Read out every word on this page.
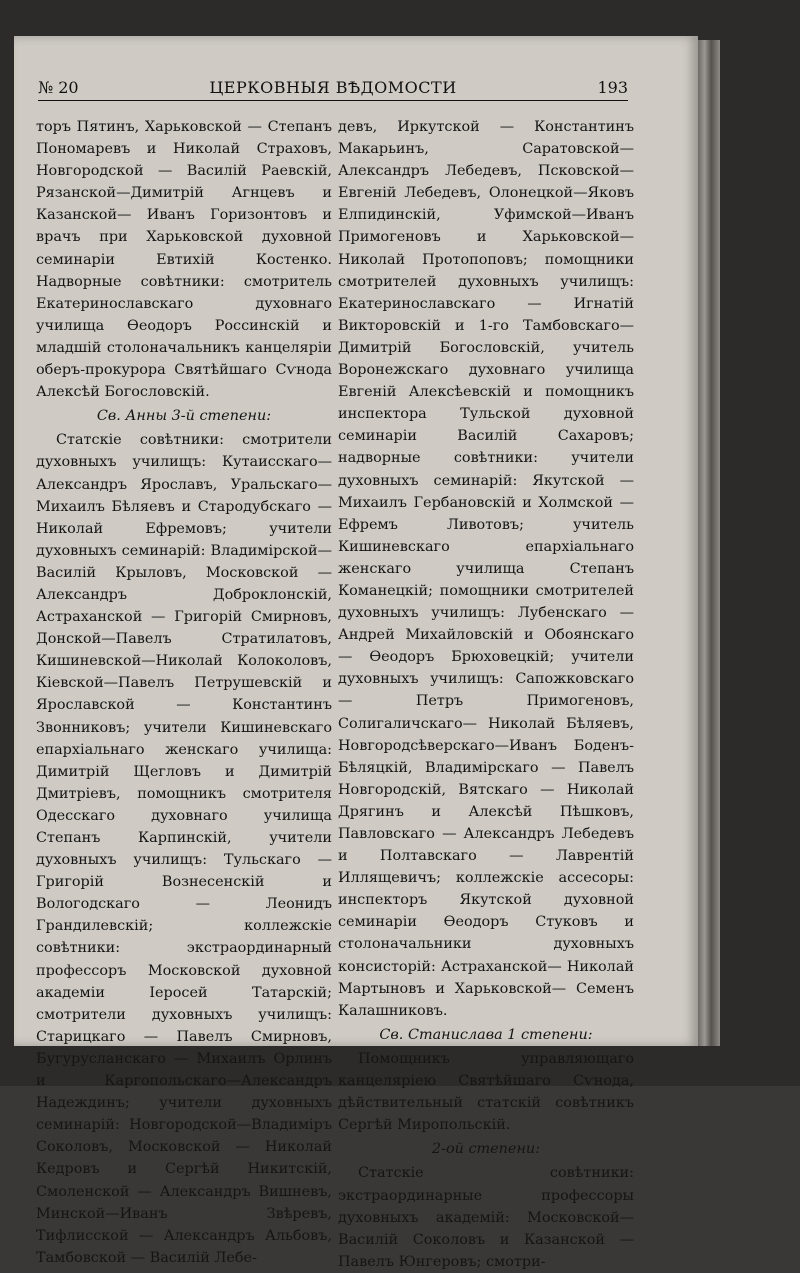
№ 20	ЦЕРКОВНЫЯ ВѢДОМОСТИ	193

торъ Пятинъ, Харьковской — Степанъ Пономаревъ и Николай Страховъ, Новгородской — Василій Раевскій, Рязанской—Димитрій Агнцевъ и Казанской— Иванъ Горизонтовъ и врачъ при Харьковской духовной семинаріи Евтихій Костенко. Надворные совѣтники: смотритель Екатеринославскаго духовнаго училища Ѳеодоръ Россинскій и младшій столоначальникъ канцеляріи оберъ-прокурора Святѣйшаго Сѵнода Алексѣй Богословскій.

Св. Анны 3-й степени:

Статскіе совѣтники: смотрители духовныхъ училищъ: Кутаисскаго—Александръ Ярославъ, Уральскаго—Михаилъ Бѣляевъ и Стародубскаго — Николай Ефремовъ; учители духовныхъ семинарій: Владимірской—Василій Крыловъ, Московской — Александръ Доброклонскій, Астраханской — Григорій Смирновъ, Донской—Павелъ Стратилатовъ, Кишиневской—Николай Колоколовъ, Кіевской—Павелъ Петрушевскій и Ярославской — Константинъ Звонниковъ; учители Кишиневскаго епархіальнаго женскаго училища: Димитрій Щегловъ и Димитрій Дмитріевъ, помощникъ смотрителя Одесскаго духовнаго училища Степанъ Карпинскій, учители духовныхъ училищъ: Тульскаго — Григорій Вознесенскій и Вологодскаго — Леонидъ Грандилевскій; коллежскіе совѣтники: экстраординарный профессоръ Московской духовной академіи Іеросей Татарскій; смотрители духовныхъ училищъ: Старицкаго — Павелъ Смирновъ, Бугурусланскаго — Михаилъ Орлинъ и Каргопольскаго—Александръ Надеждинъ; учители духовныхъ семинарій: Новгородской—Владиміръ Соколовъ, Московской — Николай Кедровъ и Сергѣй Никитскій, Смоленской — Александръ Вишневъ, Минской—Иванъ Звѣревъ, Тифлисской — Александръ Альбовъ, Тамбовской — Василій Лебе-

девъ, Иркутской — Константинъ Макарьинъ, Саратовской—Александръ Лебедевъ, Псковской—Евгеній Лебедевъ, Олонецкой—Яковъ Елпидинскій, Уфимской—Иванъ Примогеновъ и Харьковской—Николай Протопоповъ; помощники смотрителей духовныхъ училищъ: Екатеринославскаго — Игнатій Викторовскій и 1-го Тамбовскаго—Димитрій Богословскій, учитель Воронежскаго духовнаго училища Евгеній Алексѣевскій и помощникъ инспектора Тульской духовной семинаріи Василій Сахаровъ; надворные совѣтники: учители духовныхъ семинарій: Якутской — Михаилъ Гербановскій и Холмской — Ефремъ Ливотовъ; учитель Кишиневскаго епархіальнаго женскаго училища Степанъ Команецкій; помощники смотрителей духовныхъ училищъ: Лубенскаго — Андрей Михайловскій и Обоянскаго — Ѳеодоръ Брюховецкій; учители духовныхъ училищъ: Сапожковскаго — Петръ Примогеновъ, Солигаличскаго— Николай Бѣляевъ, Новгородсѣверскаго—Иванъ Боденъ-Бѣляцкій, Владимірскаго — Павелъ Новгородскій, Вятскаго — Николай Дрягинъ и Алексѣй Пѣшковъ, Павловскаго — Александръ Лебедевъ и Полтавскаго — Лаврентій Иллящевичъ; коллежскіе ассесоры: инспекторъ Якутской духовной семинаріи Ѳеодоръ Стуковъ и столоначальники духовныхъ консисторій: Астраханской— Николай Мартыновъ и Харьковской— Семенъ Калашниковъ.

Св. Станислава 1 степени:

Помощникъ управляющаго канцеляріею Святѣйшаго Сѵнода, дѣйствительный статскій совѣтникъ Сергѣй Миропольскій.

2-ой степени:

Статскіе совѣтники: экстраординарные профессоры духовныхъ академій: Московской—Василій Соколовъ и Казанской — Павелъ Юнгеровъ; смотри-
